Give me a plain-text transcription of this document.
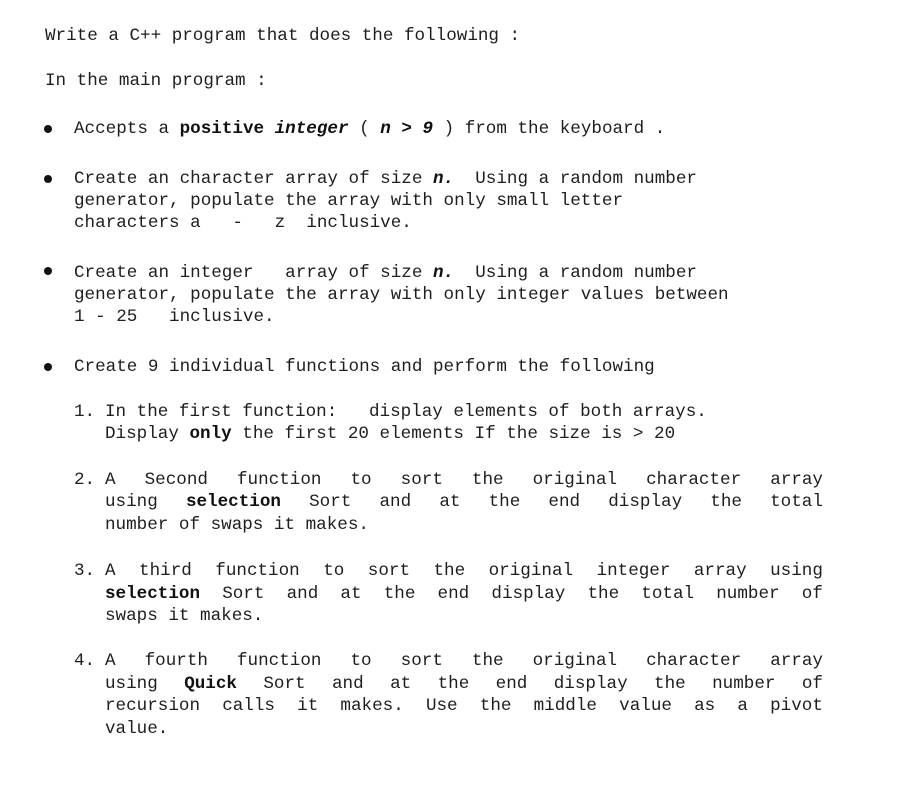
Write a C++ program that does the following :
In the main program :
Accepts a positive integer ( n > 9 ) from the keyboard .
Create an character array of size n.  Using a random number
generator, populate the array with only small letter
characters a   -   z  inclusive.
Create an integer   array of size n.  Using a random number
generator, populate the array with only integer values between
1 - 25   inclusive.
Create 9 individual functions and perform the following
1. In the first function:   display elements of both arrays.
Display only the first 20 elements If the size is > 20
2. A Second function to sort the original character array
using selection Sort and at the end display the total
number of swaps it makes.
3. A third function to sort the original integer array using
selection Sort and at the end display the total number of
swaps it makes.
4. A fourth function to sort the original character array
using Quick Sort and at the end display the number of
recursion calls it makes. Use the middle value as a pivot
value.
